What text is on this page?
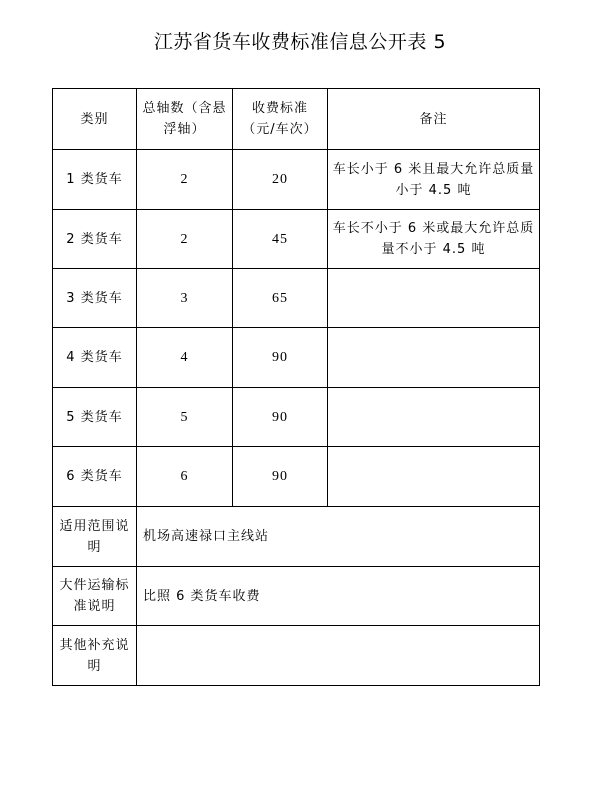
江苏省货车收费标准信息公开表 5
类别	总轴数（含悬浮轴）	收费标准（元/车次）	备注
1 类货车	2	20	车长小于 6 米且最大允许总质量小于 4.5 吨

2 类货车	2	45	车长不小于 6 米或最大允许总质量不小于 4.5 吨

3 类货车	3	65	
4 类货车	4	90	
5 类货车	5	90	
6 类货车	6	90	

适用范围说明	机场高速禄口主线站		

大件运输标准说明	比照 6 类货车收费		

其他补充说明			
